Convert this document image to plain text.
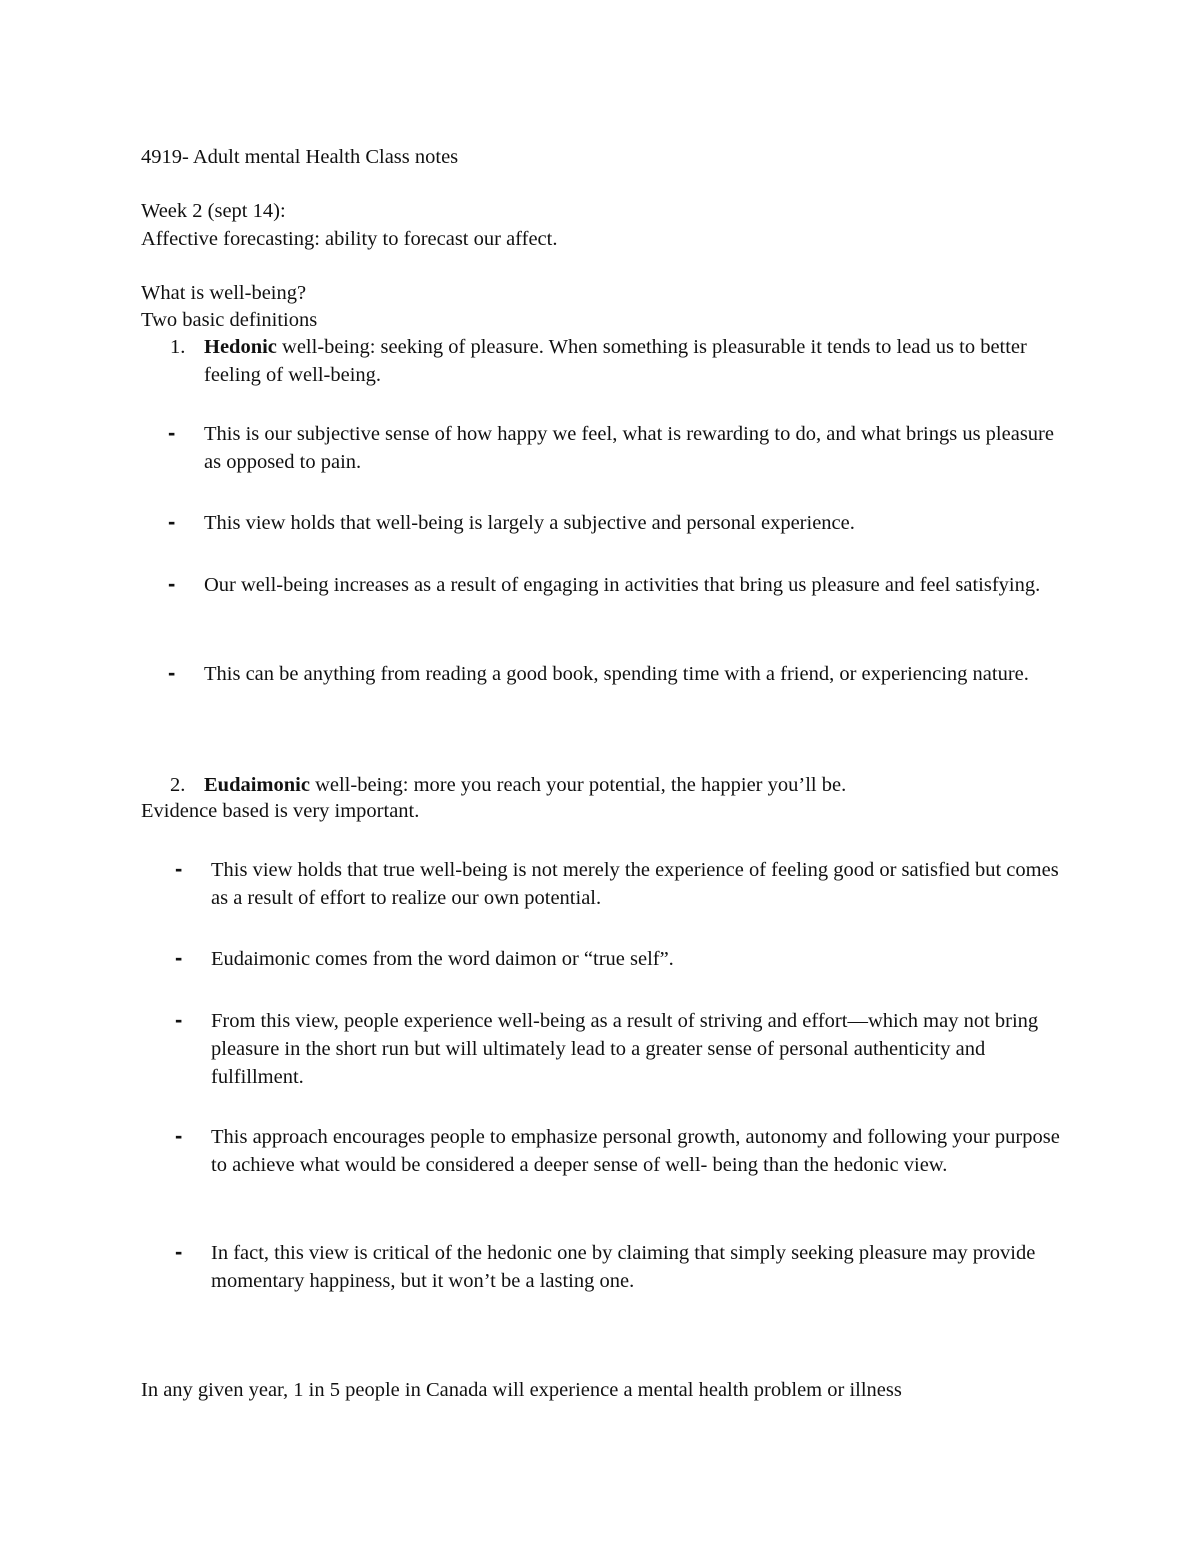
4919- Adult mental Health Class notes
Week 2 (sept 14):
Affective forecasting: ability to forecast our affect.
What is well-being?
Two basic definitions
1. Hedonic well-being: seeking of pleasure. When something is pleasurable it tends to lead us to better feeling of well-being.
- This is our subjective sense of how happy we feel, what is rewarding to do, and what brings us pleasure as opposed to pain.
- This view holds that well-being is largely a subjective and personal experience.
- Our well-being increases as a result of engaging in activities that bring us pleasure and feel satisfying.
- This can be anything from reading a good book, spending time with a friend, or experiencing nature.
2. Eudaimonic well-being: more you reach your potential, the happier you’ll be.
Evidence based is very important.
- This view holds that true well-being is not merely the experience of feeling good or satisfied but comes as a result of effort to realize our own potential.
- Eudaimonic comes from the word daimon or “true self”.
- From this view, people experience well-being as a result of striving and effort—which may not bring pleasure in the short run but will ultimately lead to a greater sense of personal authenticity and fulfillment.
- This approach encourages people to emphasize personal growth, autonomy and following your purpose to achieve what would be considered a deeper sense of well- being than the hedonic view.
- In fact, this view is critical of the hedonic one by claiming that simply seeking pleasure may provide momentary happiness, but it won’t be a lasting one.
In any given year, 1 in 5 people in Canada will experience a mental health problem or illness
